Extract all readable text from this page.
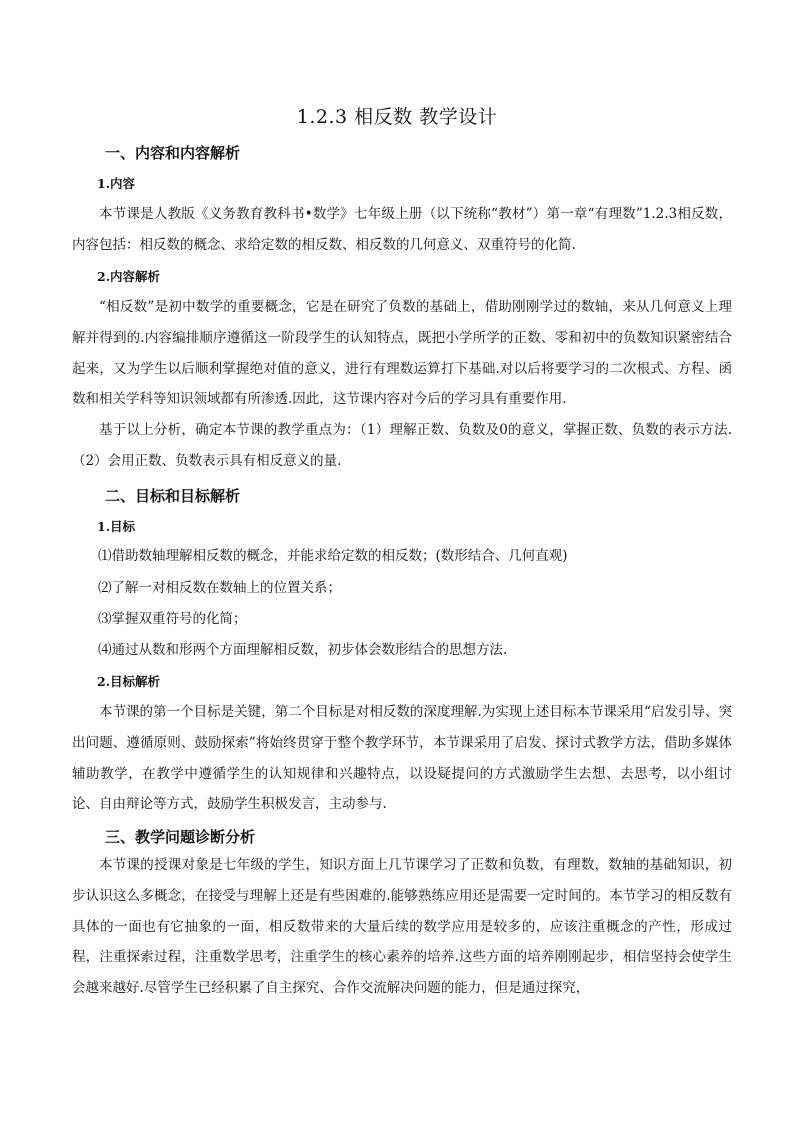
1.2.3 相反数 教学设计
一、内容和内容解析
1.内容

本节课是人教版《义务教育教科书•数学》七年级上册（以下统称“教材”）第一章“有理数”1.2.3相反数，内容包括：相反数的概念、求给定数的相反数、相反数的几何意义、双重符号的化简.

2.内容解析

“相反数”是初中数学的重要概念，它是在研究了负数的基础上，借助刚刚学过的数轴，来从几何意义上理解并得到的.内容编排顺序遵循这一阶段学生的认知特点，既把小学所学的正数、零和初中的负数知识紧密结合起来，又为学生以后顺利掌握绝对值的意义，进行有理数运算打下基础.对以后将要学习的二次根式、方程、函数和相关学科等知识领域都有所渗透.因此，这节课内容对今后的学习具有重要作用.

基于以上分析，确定本节课的教学重点为：（1）理解正数、负数及0的意义，掌握正数、负数的表示方法.（2）会用正数、负数表示具有相反意义的量.

二、目标和目标解析
1.目标

⑴借助数轴理解相反数的概念，并能求给定数的相反数；(数形结合、几何直观)

⑵了解一对相反数在数轴上的位置关系；

⑶掌握双重符号的化简；

⑷通过从数和形两个方面理解相反数，初步体会数形结合的思想方法.

2.目标解析

本节课的第一个目标是关键，第二个目标是对相反数的深度理解.为实现上述目标本节课采用“启发引导、突出问题、遵循原则、鼓励探索”将始终贯穿于整个教学环节，本节课采用了启发、探讨式教学方法，借助多媒体辅助教学，在教学中遵循学生的认知规律和兴趣特点，以设疑提问的方式激励学生去想、去思考，以小组讨论、自由辩论等方式，鼓励学生积极发言，主动参与.

三、教学问题诊断分析

本节课的授课对象是七年级的学生，知识方面上几节课学习了正数和负数，有理数，数轴的基础知识，初步认识这么多概念，在接受与理解上还是有些困难的.能够熟练应用还是需要一定时间的。本节学习的相反数有具体的一面也有它抽象的一面，相反数带来的大量后续的数学应用是较多的，应该注重概念的产性，形成过程，注重探索过程，注重数学思考，注重学生的核心素养的培养.这些方面的培养刚刚起步，相信坚持会使学生会越来越好.尽管学生已经积累了自主探究、合作交流解决问题的能力，但是通过探究，
